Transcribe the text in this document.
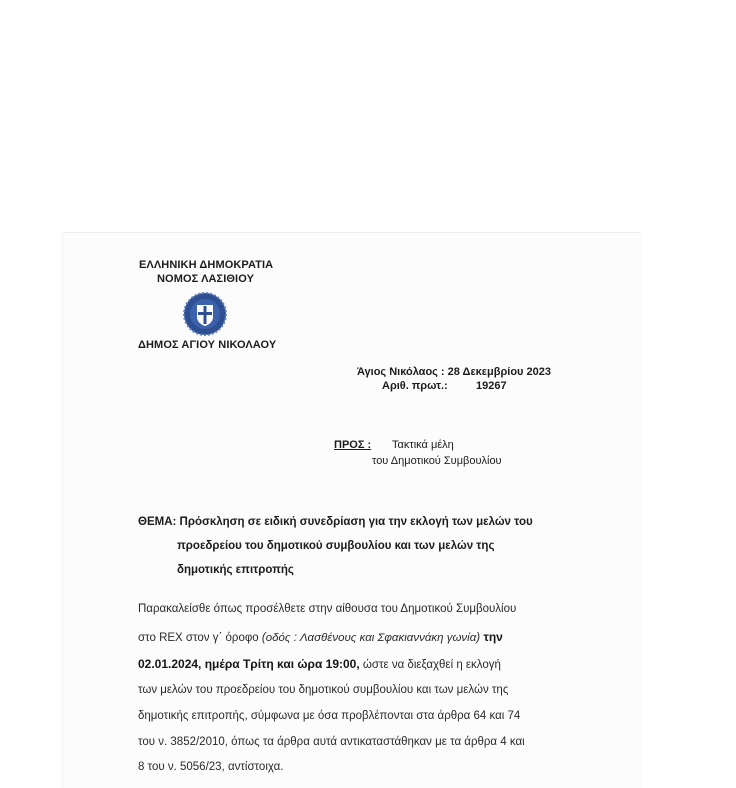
ΕΛΛΗΝΙΚΗ ΔΗΜΟΚΡΑΤΙΑ
ΝΟΜΟΣ ΛΑΣΙΘΙΟΥ
ΔΗΜΟΣ ΑΓΙΟΥ ΝΙΚΟΛΑΟΥ
Άγιος Νικόλαος : 28 Δεκεμβρίου 2023
Αριθ. πρωτ.:	19267
ΠΡΟΣ : Τακτικά μέλη
του Δημοτικού Συμβουλίου
ΘΕΜΑ: Πρόσκληση σε ειδική συνεδρίαση για την εκλογή των μελών του
προεδρείου του δημοτικού συμβουλίου και των μελών της
δημοτικής επιτροπής
Παρακαλείσθε όπως προσέλθετε στην αίθουσα του Δημοτικού Συμβουλίου
στο REX στον γ΄ όροφο (οδός : Λασθένους και Σφακιαννάκη γωνία) την
02.01.2024, ημέρα Τρίτη και ώρα 19:00, ώστε να διεξαχθεί η εκλογή
των μελών του προεδρείου του δημοτικού συμβουλίου και των μελών της
δημοτικής επιτροπής, σύμφωνα με όσα προβλέπονται στα άρθρα 64 και 74
του ν. 3852/2010, όπως τα άρθρα αυτά αντικαταστάθηκαν με τα άρθρα 4 και
8 του ν. 5056/23, αντίστοιχα.
